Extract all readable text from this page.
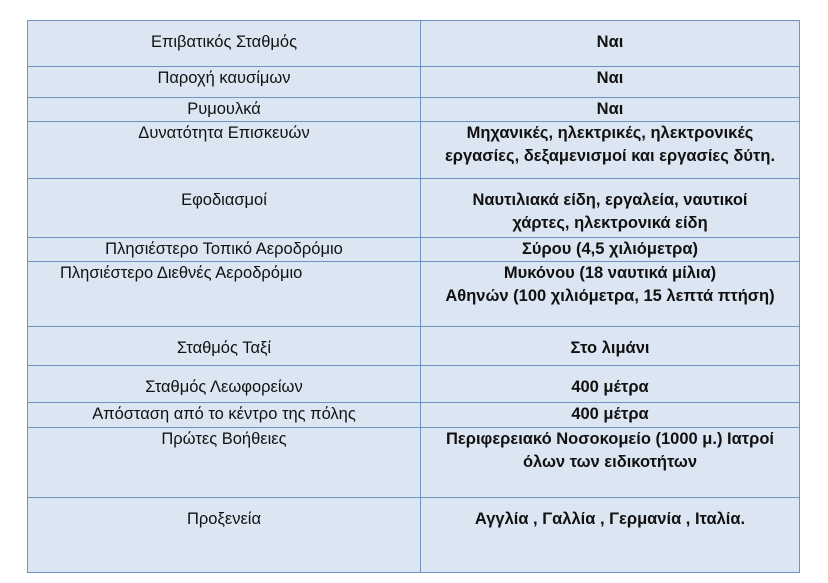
Επιβατικός Σταθμός	Ναι
Παροχή καυσίμων	Ναι
Ρυμουλκά	Ναι
Δυνατότητα Επισκευών	Μηχανικές, ηλεκτρικές, ηλεκτρονικές
εργασίες, δεξαμενισμοί και εργασίες δύτη.

Εφοδιασμοί	Ναυτιλιακά είδη, εργαλεία, ναυτικοί
χάρτες, ηλεκτρονικά είδη

Πλησιέστερο Τοπικό Αεροδρόμιο	Σύρου (4,5 χιλιόμετρα)
Πλησιέστερο Διεθνές Αεροδρόμιο	Μυκόνου (18 ναυτικά μίλια)
Αθηνών (100 χιλιόμετρα, 15 λεπτά πτήση)

Σταθμός Ταξί	Στο λιμάνι
Σταθμός Λεωφορείων	400 μέτρα
Απόσταση από το κέντρο της πόλης	400 μέτρα
Πρώτες Βοήθειες	Περιφερειακό Νοσοκομείο (1000 μ.) Ιατροί
όλων των ειδικοτήτων

Προξενεία	Αγγλία , Γαλλία , Γερμανία , Ιταλία.
